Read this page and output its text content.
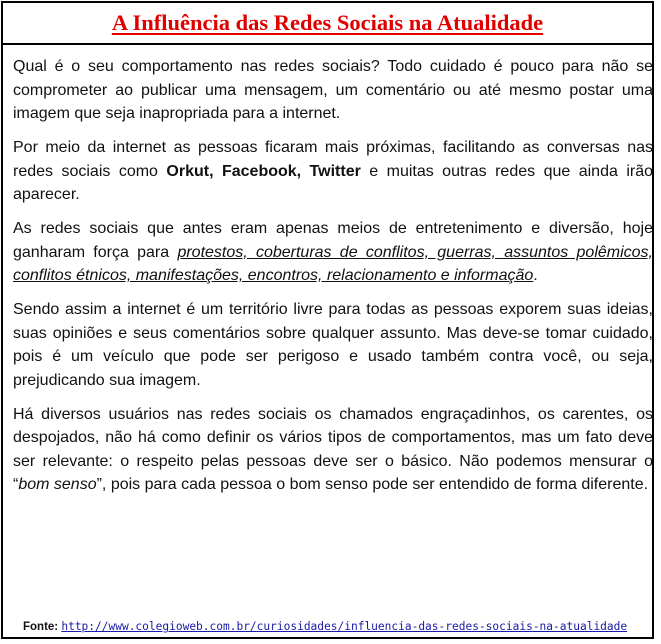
A Influência das Redes Sociais na Atualidade

Qual é o seu comportamento nas redes sociais? Todo cuidado é pouco para não se comprometer ao publicar uma mensagem, um comentário ou até mesmo postar uma imagem que seja inapropriada para a internet.

Por meio da internet as pessoas ficaram mais próximas, facilitando as conversas nas redes sociais como Orkut, Facebook, Twitter e muitas outras redes que ainda irão aparecer.

As redes sociais que antes eram apenas meios de entretenimento e diversão, hoje ganharam força para protestos, coberturas de conflitos, guerras, assuntos polêmicos, conflitos étnicos, manifestações, encontros, relacionamento e informação.

Sendo assim a internet é um território livre para todas as pessoas exporem suas ideias, suas opiniões e seus comentários sobre qualquer assunto. Mas deve-se tomar cuidado, pois é um veículo que pode ser perigoso e usado também contra você, ou seja, prejudicando sua imagem.

Há diversos usuários nas redes sociais os chamados engraçadinhos, os carentes, os despojados, não há como definir os vários tipos de comportamentos, mas um fato deve ser relevante: o respeito pelas pessoas deve ser o básico. Não podemos mensurar o “bom senso”, pois para cada pessoa o bom senso pode ser entendido de forma diferente.

Fonte: http://www.colegioweb.com.br/curiosidades/influencia-das-redes-sociais-na-atualidade
